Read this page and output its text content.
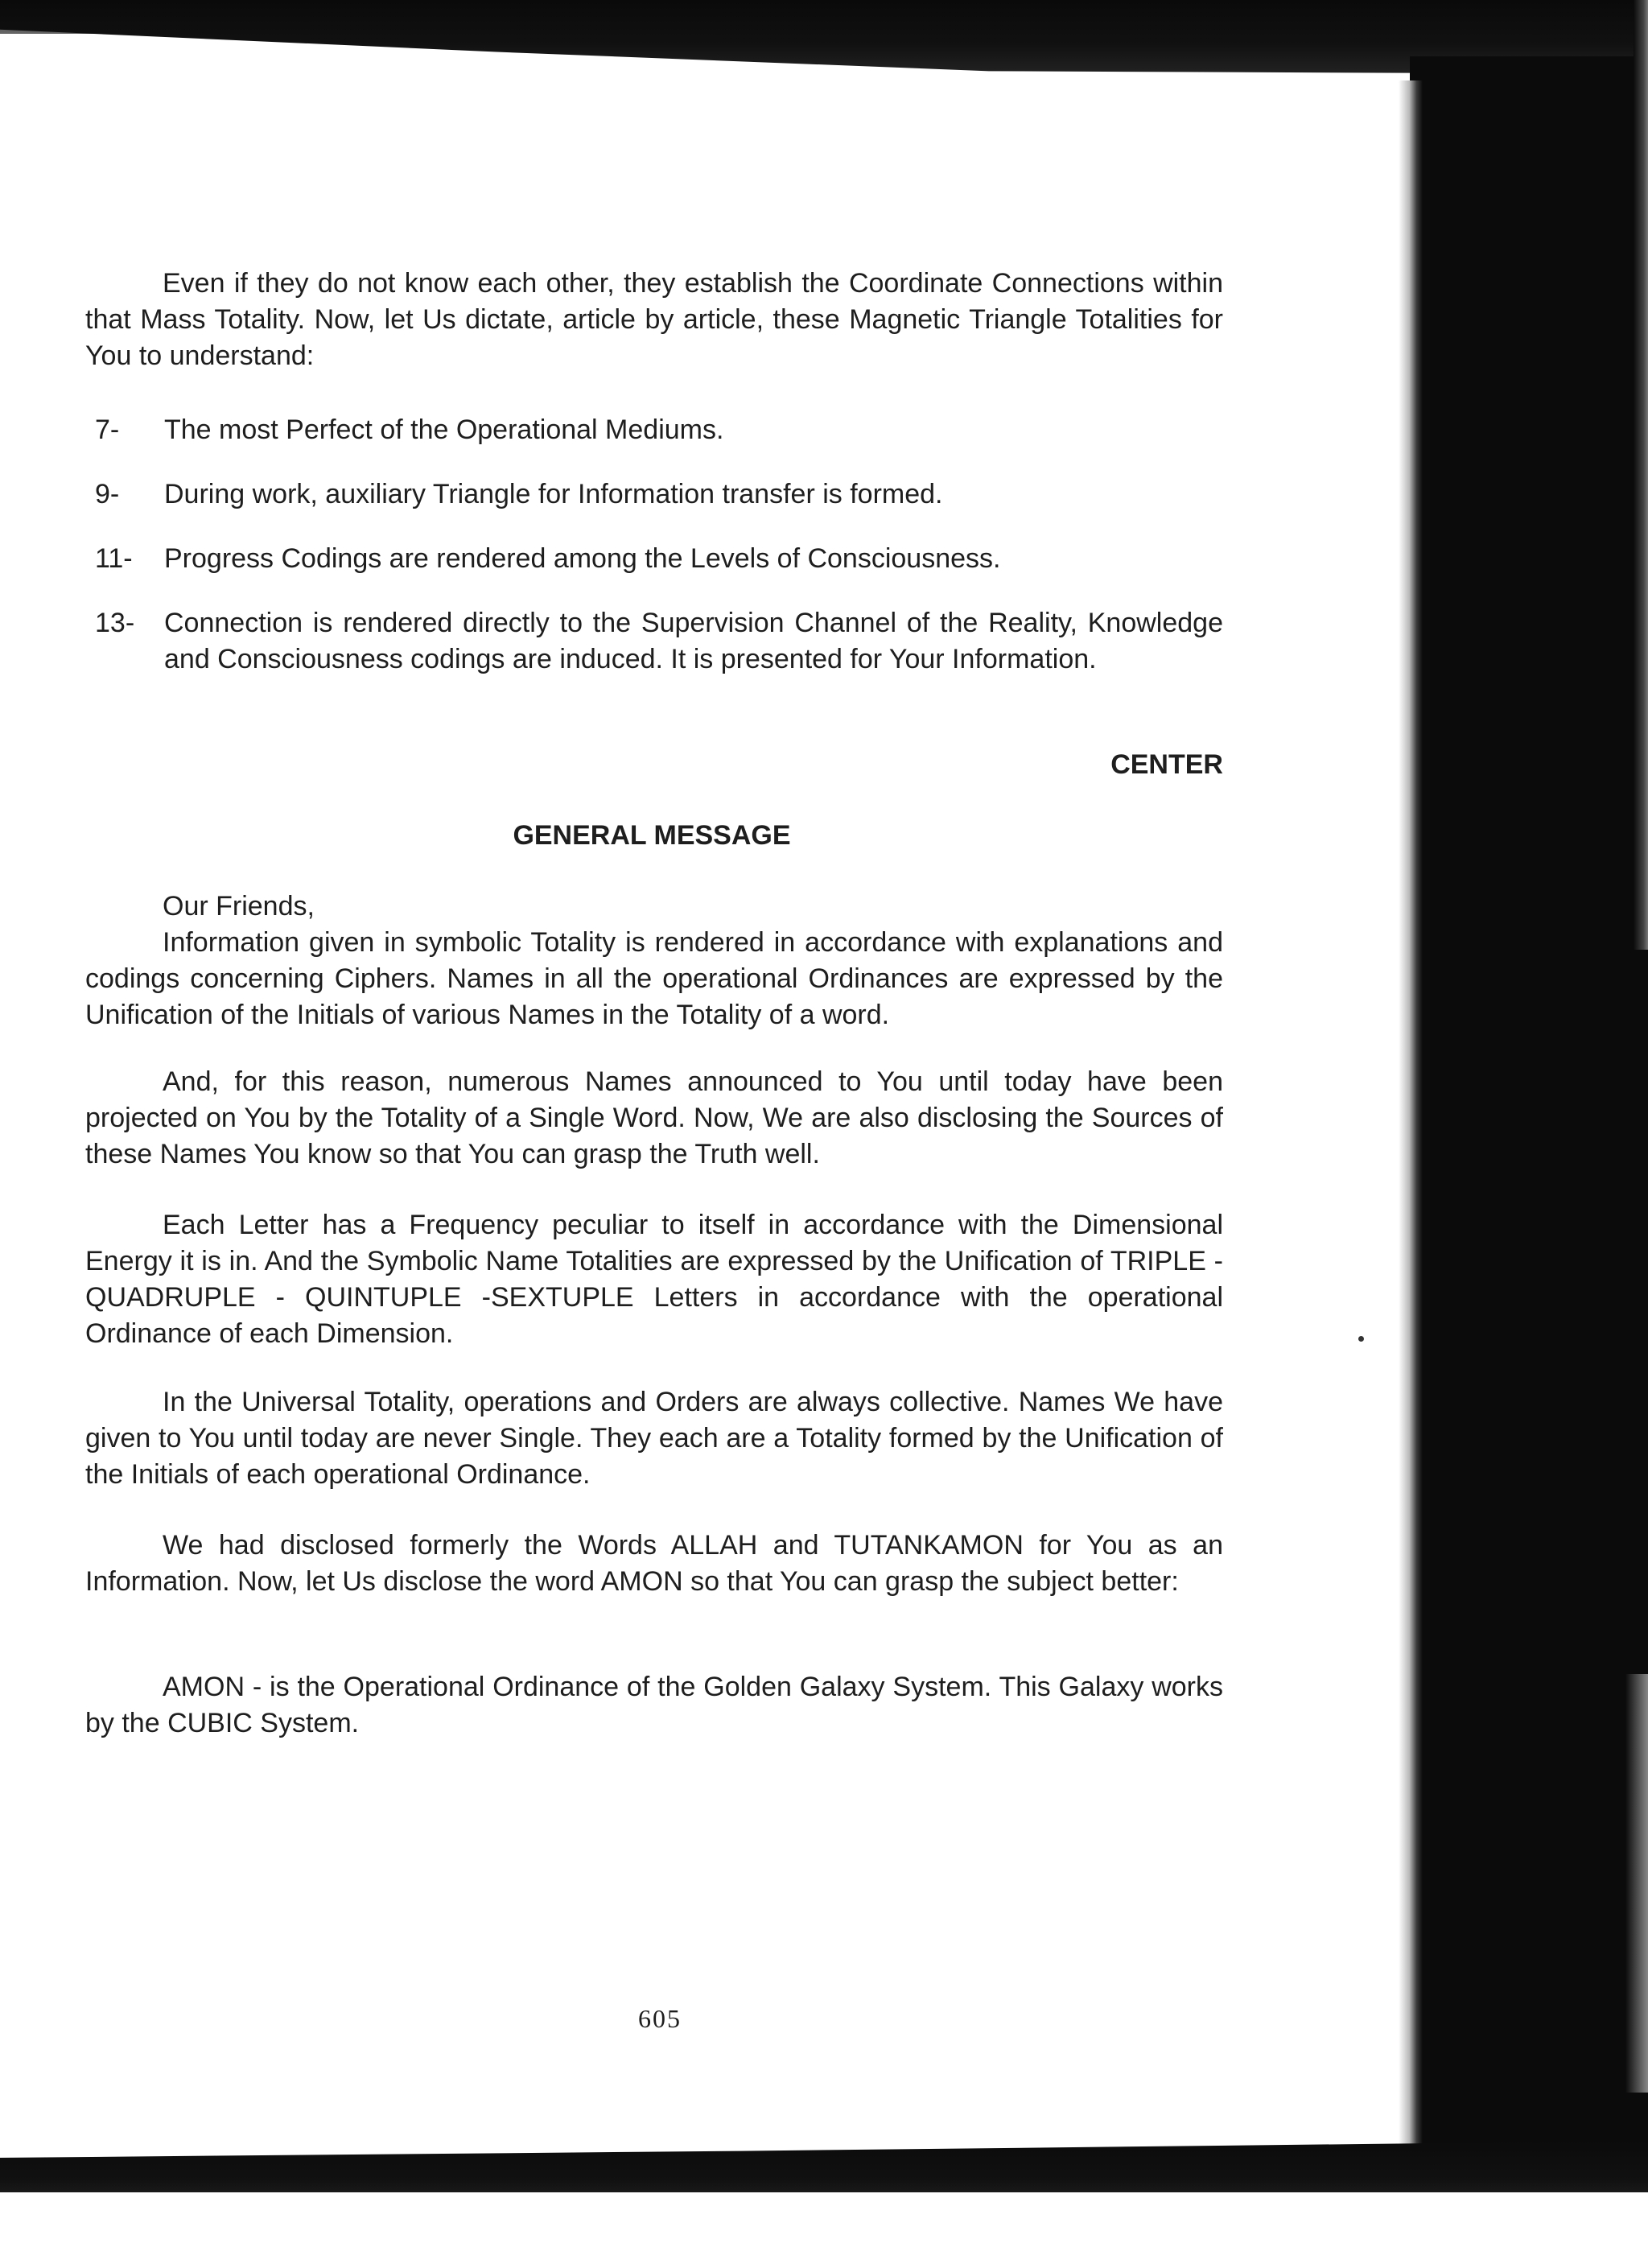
Even if they do not know each other, they establish the Coordinate Connections within that Mass Totality. Now, let Us dictate, article by article, these Magnetic Triangle Totalities for You to understand:

7-	The most Perfect of the Operational Mediums.
9-	During work, auxiliary Triangle for Information transfer is formed.
11-	Progress Codings are rendered among the Levels of Consciousness.
13-	Connection is rendered directly to the Supervision Channel of the Reality, Knowledge and Consciousness codings are induced. It is presented for Your Information.

CENTER

GENERAL MESSAGE

Our Friends,

Information given in symbolic Totality is rendered in accordance with explanations and codings concerning Ciphers. Names in all the operational Ordinances are expressed by the Unification of the Initials of various Names in the Totality of a word.

And, for this reason, numerous Names announced to You until today have been projected on You by the Totality of a Single Word. Now, We are also disclosing the Sources of these Names You know so that You can grasp the Truth well.

Each Letter has a Frequency peculiar to itself in accordance with the Dimensional Energy it is in. And the Symbolic Name Totalities are expressed by the Unification of TRIPLE - QUADRUPLE - QUINTUPLE -SEXTUPLE Letters in accordance with the operational Ordinance of each Dimension.

In the Universal Totality, operations and Orders are always collective. Names We have given to You until today are never Single. They each are a Totality formed by the Unification of the Initials of each operational Ordinance.

We had disclosed formerly the Words ALLAH and TUTANKAMON for You as an Information. Now, let Us disclose the word AMON so that You can grasp the subject better:

AMON - is the Operational Ordinance of the Golden Galaxy System. This Galaxy works by the CUBIC System.

605
